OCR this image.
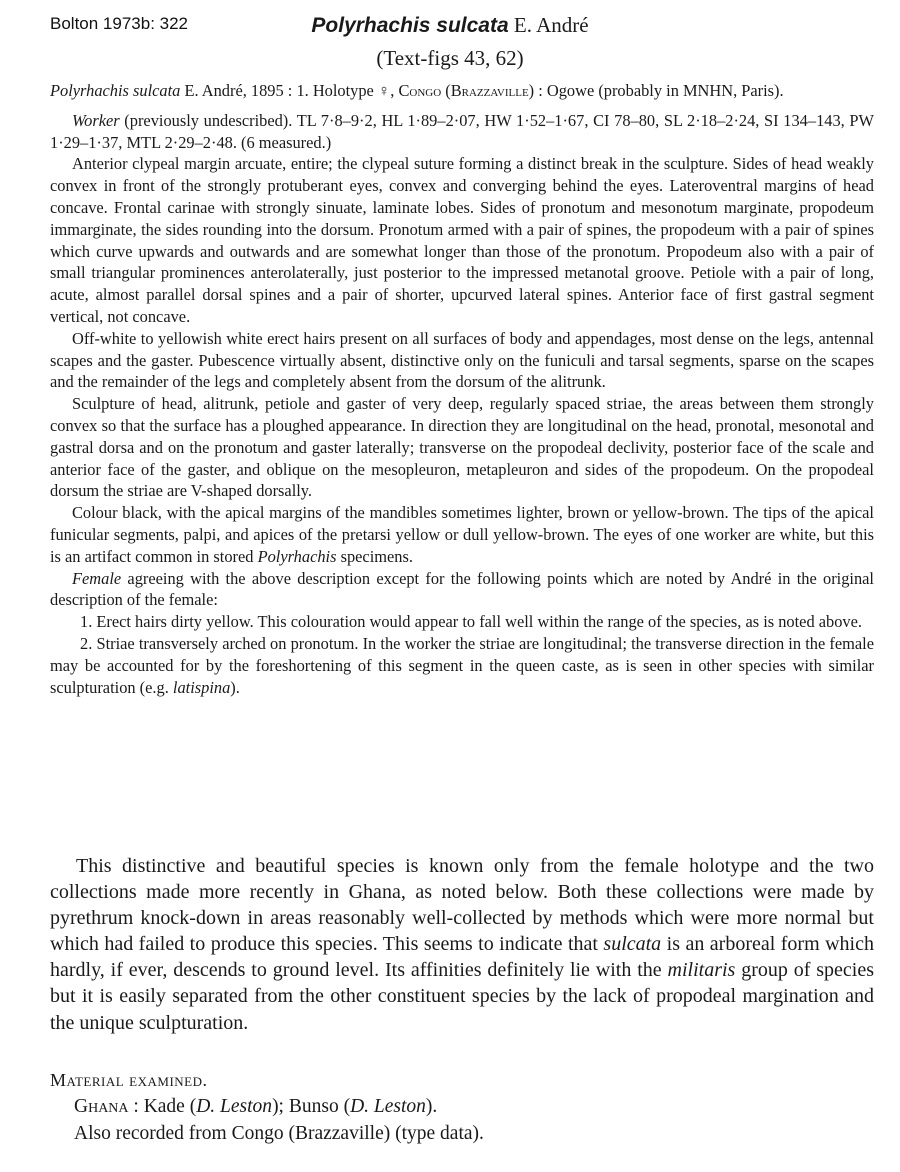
Bolton 1973b: 322	Polyrhachis sulcata E. André
(Text-figs 43, 62)

Polyrhachis sulcata E. André, 1895 : 1. Holotype ♀, Congo (Brazzaville) : Ogowe (probably in MNHN, Paris).

Worker (previously undescribed). TL 7·8–9·2, HL 1·89–2·07, HW 1·52–1·67, CI 78–80, SL 2·18–2·24, SI 134–143, PW 1·29–1·37, MTL 2·29–2·48. (6 measured.)

Anterior clypeal margin arcuate, entire; the clypeal suture forming a distinct break in the sculpture. Sides of head weakly convex in front of the strongly protuberant eyes, convex and converging behind the eyes. Lateroventral margins of head concave. Frontal carinae with strongly sinuate, laminate lobes. Sides of pronotum and mesonotum marginate, propodeum immarginate, the sides rounding into the dorsum. Pronotum armed with a pair of spines, the propodeum with a pair of spines which curve upwards and outwards and are somewhat longer than those of the pronotum. Propodeum also with a pair of small triangular prominences anterolaterally, just posterior to the impressed metanotal groove. Petiole with a pair of long, acute, almost parallel dorsal spines and a pair of shorter, upcurved lateral spines. Anterior face of first gastral segment vertical, not concave.

Off-white to yellowish white erect hairs present on all surfaces of body and appendages, most dense on the legs, antennal scapes and the gaster. Pubescence virtually absent, distinctive only on the funiculi and tarsal segments, sparse on the scapes and the remainder of the legs and completely absent from the dorsum of the alitrunk.

Sculpture of head, alitrunk, petiole and gaster of very deep, regularly spaced striae, the areas between them strongly convex so that the surface has a ploughed appearance. In direction they are longitudinal on the head, pronotal, mesonotal and gastral dorsa and on the pronotum and gaster laterally; transverse on the propodeal declivity, posterior face of the scale and anterior face of the gaster, and oblique on the mesopleuron, metapleuron and sides of the propodeum. On the propodeal dorsum the striae are V-shaped dorsally.

Colour black, with the apical margins of the mandibles sometimes lighter, brown or yellow-brown. The tips of the apical funicular segments, palpi, and apices of the pretarsi yellow or dull yellow-brown. The eyes of one worker are white, but this is an artifact common in stored Polyrhachis specimens.

Female agreeing with the above description except for the following points which are noted by André in the original description of the female:

1. Erect hairs dirty yellow. This colouration would appear to fall well within the range of the species, as is noted above.

2. Striae transversely arched on pronotum. In the worker the striae are longitudinal; the transverse direction in the female may be accounted for by the foreshortening of this segment in the queen caste, as is seen in other species with similar sculpturation (e.g. latispina).

This distinctive and beautiful species is known only from the female holotype and the two collections made more recently in Ghana, as noted below. Both these collections were made by pyrethrum knock-down in areas reasonably well-collected by methods which were more normal but which had failed to produce this species. This seems to indicate that sulcata is an arboreal form which hardly, if ever, descends to ground level. Its affinities definitely lie with the militaris group of species but it is easily separated from the other constituent species by the lack of propodeal margination and the unique sculpturation.

Material examined.
Ghana : Kade (D. Leston); Bunso (D. Leston).
Also recorded from Congo (Brazzaville) (type data).
